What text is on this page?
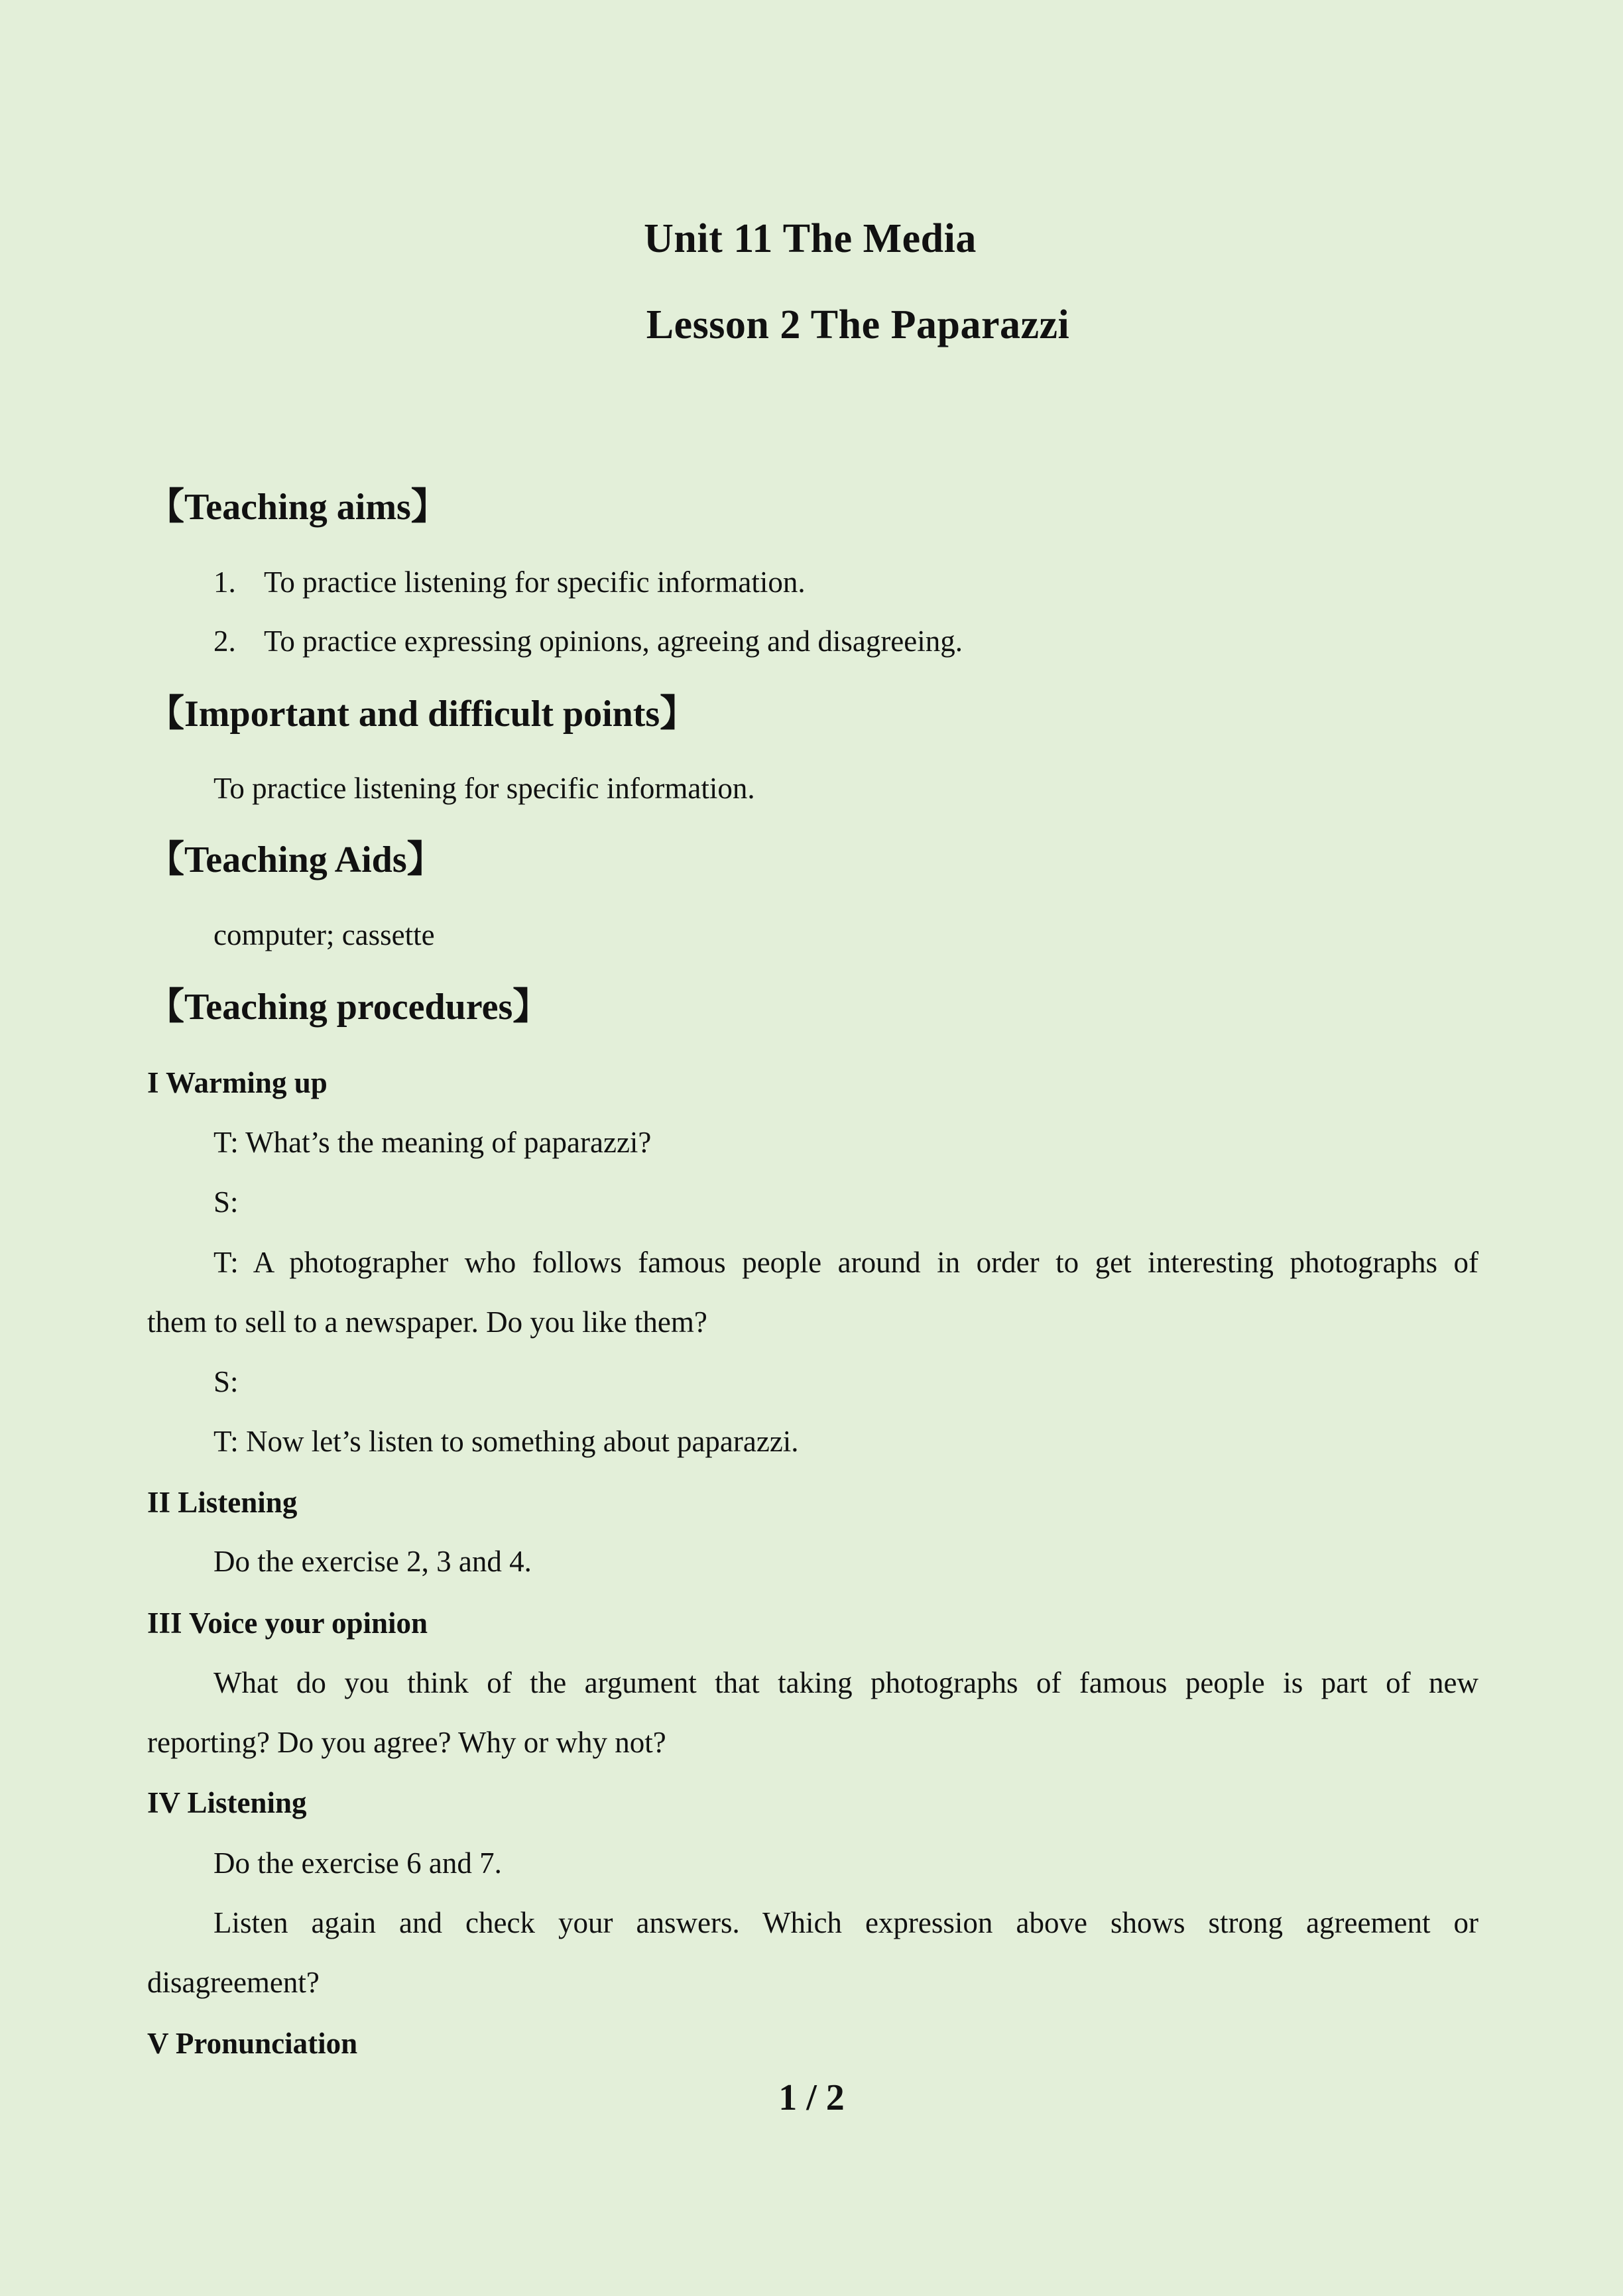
Unit 11 The Media
Lesson 2 The Paparazzi
【Teaching aims】
1. To practice listening for specific information.
2. To practice expressing opinions, agreeing and disagreeing.
【Important and difficult points】
To practice listening for specific information.
【Teaching Aids】
computer; cassette
【Teaching procedures】
I Warming up
T: What’s the meaning of paparazzi?
S:
T: A photographer who follows famous people around in order to get interesting photographs of
them to sell to a newspaper. Do you like them?
S:
T: Now let’s listen to something about paparazzi.
II Listening
Do the exercise 2, 3 and 4.
III Voice your opinion
What do you think of the argument that taking photographs of famous people is part of new
reporting? Do you agree? Why or why not?
IV Listening
Do the exercise 6 and 7.
Listen again and check your answers. Which expression above shows strong agreement or
disagreement?
V Pronunciation
1 / 2
